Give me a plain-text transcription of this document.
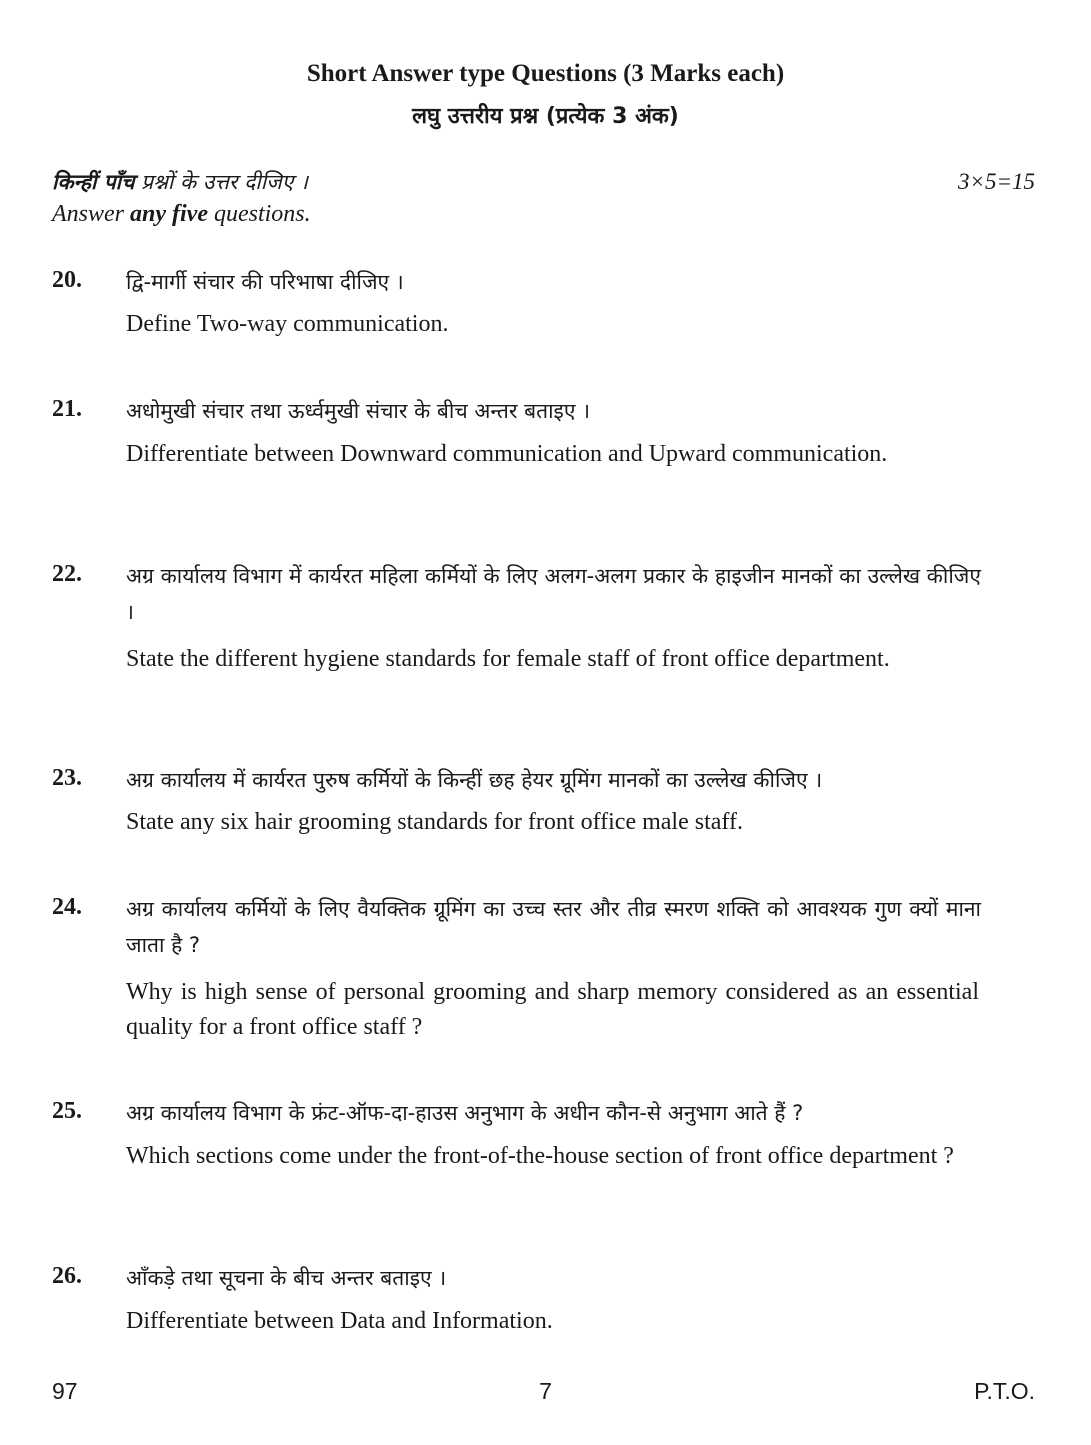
Short Answer type Questions (3 Marks each)
लघु उत्तरीय प्रश्न (प्रत्येक 3 अंक)
किन्हीं पाँच प्रश्नों के उत्तर दीजिए ।	3×5=15
Answer any five questions.
20. द्वि-मार्गी संचार की परिभाषा दीजिए ।
Define Two-way communication.
21. अधोमुखी संचार तथा ऊर्ध्वमुखी संचार के बीच अन्तर बताइए ।
Differentiate between Downward communication and Upward communication.
22. अग्र कार्यालय विभाग में कार्यरत महिला कर्मियों के लिए अलग-अलग प्रकार के हाइजीन मानकों का उल्लेख कीजिए ।
State the different hygiene standards for female staff of front office department.
23. अग्र कार्यालय में कार्यरत पुरुष कर्मियों के किन्हीं छह हेयर ग्रूमिंग मानकों का उल्लेख कीजिए ।
State any six hair grooming standards for front office male staff.
24. अग्र कार्यालय कर्मियों के लिए वैयक्तिक ग्रूमिंग का उच्च स्तर और तीव्र स्मरण शक्ति को आवश्यक गुण क्यों माना जाता है ?
Why is high sense of personal grooming and sharp memory considered as an essential quality for a front office staff ?
25. अग्र कार्यालय विभाग के फ्रंट-ऑफ-दा-हाउस अनुभाग के अधीन कौन-से अनुभाग आते हैं ?
Which sections come under the front-of-the-house section of front office department ?
26. आँकड़े तथा सूचना के बीच अन्तर बताइए ।
Differentiate between Data and Information.
97	7	P.T.O.
